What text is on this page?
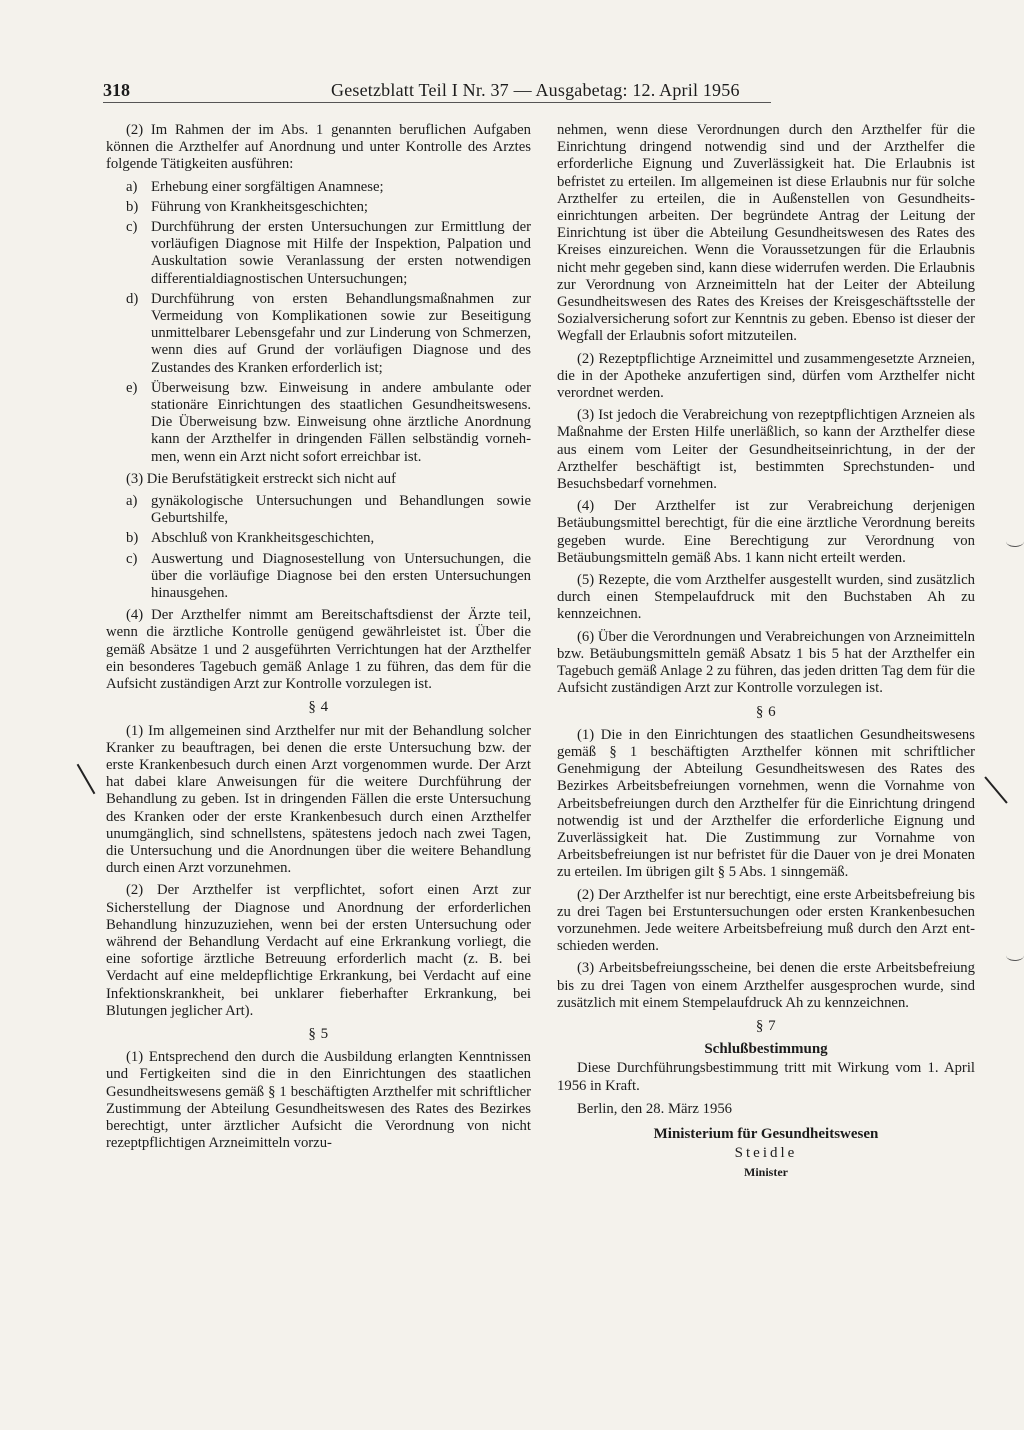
318	Gesetzblatt Teil I Nr. 37 — Ausgabetag: 12. April 1956

(2) Im Rahmen der im Abs. 1 genannten beruflichen Aufgaben können die Arzthelfer auf Anordnung und unter Kontrolle des Arztes folgende Tätigkeiten ausführen:

a) Erhebung einer sorgfältigen Anamnese;
b) Führung von Krankheitsgeschichten;
c) Durchführung der ersten Untersuchungen zur Ermittlung der vorläufigen Diagnose mit Hilfe der Inspektion, Palpation und Auskultation sowie Veranlassung der ersten notwendigen differentialdiagnostischen Untersuchungen;
d) Durchführung von ersten Behandlungsmaßnahmen zur Vermeidung von Komplikationen sowie zur Beseitigung unmittelbarer Lebensgefahr und zur Linderung von Schmerzen, wenn dies auf Grund der vorläufigen Diagnose und des Zustandes des Kranken erforderlich ist;
e) Überweisung bzw. Einweisung in andere ambulante oder stationäre Einrichtungen des staatlichen Gesundheitswesens. Die Überweisung bzw. Einweisung ohne ärztliche Anordnung kann der Arzthelfer in dringenden Fällen selbständig vornehmen, wenn ein Arzt nicht sofort erreichbar ist.

(3) Die Berufstätigkeit erstreckt sich nicht auf

a) gynäkologische Untersuchungen und Behandlungen sowie Geburtshilfe,
b) Abschluß von Krankheitsgeschichten,
c) Auswertung und Diagnosestellung von Untersuchungen, die über die vorläufige Diagnose bei den ersten Untersuchungen hinausgehen.

(4) Der Arzthelfer nimmt am Bereitschaftsdienst der Ärzte teil, wenn die ärztliche Kontrolle genügend gewährleistet ist. Über die gemäß Absätze 1 und 2 ausgeführten Verrichtungen hat der Arzthelfer ein besonderes Tagebuch gemäß Anlage 1 zu führen, das dem für die Aufsicht zuständigen Arzt zur Kontrolle vorzulegen ist.

§ 4

(1) Im allgemeinen sind Arzthelfer nur mit der Behandlung solcher Kranker zu beauftragen, bei denen die erste Untersuchung bzw. der erste Krankenbesuch durch einen Arzt vorgenommen wurde. Der Arzt hat dabei klare Anweisungen für die weitere Durchführung der Behandlung zu geben. Ist in dringenden Fällen die erste Untersuchung des Kranken oder der erste Krankenbesuch durch einen Arzthelfer unumgänglich, sind schnellstens, spätestens jedoch nach zwei Tagen, die Untersuchung und die Anordnungen über die weitere Behandlung durch einen Arzt vorzunehmen.

(2) Der Arzthelfer ist verpflichtet, sofort einen Arzt zur Sicherstellung der Diagnose und Anordnung der erforderlichen Behandlung hinzuzuziehen, wenn bei der ersten Untersuchung oder während der Behandlung Verdacht auf eine Erkrankung vorliegt, die eine sofortige ärztliche Betreuung erforderlich macht (z. B. bei Verdacht auf eine meldepflichtige Erkrankung, bei Verdacht auf eine Infektionskrankheit, bei unklarer fieberhafter Erkrankung, bei Blutungen jeglicher Art).

§ 5

(1) Entsprechend den durch die Ausbildung erlangten Kenntnissen und Fertigkeiten sind die in den Einrichtungen des staatlichen Gesundheitswesens gemäß § 1 beschäftigten Arzthelfer mit schriftlicher Zustimmung der Abteilung Gesundheitswesen des Rates des Bezirkes berechtigt, unter ärztlicher Aufsicht die Verordnung von nicht rezeptpflichtigen Arzneimitteln vorzu-

nehmen, wenn diese Verordnungen durch den Arzthelfer für die Einrichtung dringend notwendig sind und der Arzthelfer die erforderliche Eignung und Zuverlässigkeit hat. Die Erlaubnis ist befristet zu erteilen. Im allgemeinen ist diese Erlaubnis nur für solche Arzthelfer zu erteilen, die in Außenstellen von Gesundheitseinrichtungen arbeiten. Der begründete Antrag der Leitung der Einrichtung ist über die Abteilung Gesundheitswesen des Rates des Kreises einzureichen. Wenn die Voraussetzungen für die Erlaubnis nicht mehr gegeben sind, kann diese widerrufen werden. Die Erlaubnis zur Verordnung von Arzneimitteln hat der Leiter der Abteilung Gesundheitswesen des Rates des Kreises der Kreisgeschäftsstelle der Sozialversicherung sofort zur Kenntnis zu geben. Ebenso ist dieser der Wegfall der Erlaubnis sofort mitzuteilen.

(2) Rezeptpflichtige Arzneimittel und zusammengesetzte Arzneien, die in der Apotheke anzufertigen sind, dürfen vom Arzthelfer nicht verordnet werden.

(3) Ist jedoch die Verabreichung von rezeptpflichtigen Arzneien als Maßnahme der Ersten Hilfe unerläßlich, so kann der Arzthelfer diese aus einem vom Leiter der Gesundheitseinrichtung, in der der Arzthelfer beschäftigt ist, bestimmten Sprechstunden- und Besuchsbedarf vornehmen.

(4) Der Arzthelfer ist zur Verabreichung derjenigen Betäubungsmittel berechtigt, für die eine ärztliche Verordnung bereits gegeben wurde. Eine Berechtigung zur Verordnung von Betäubungsmitteln gemäß Abs. 1 kann nicht erteilt werden.

(5) Rezepte, die vom Arzthelfer ausgestellt wurden, sind zusätzlich durch einen Stempelaufdruck mit den Buchstaben Ah zu kennzeichnen.

(6) Über die Verordnungen und Verabreichungen von Arzneimitteln bzw. Betäubungsmitteln gemäß Absatz 1 bis 5 hat der Arzthelfer ein Tagebuch gemäß Anlage 2 zu führen, das jeden dritten Tag dem für die Aufsicht zuständigen Arzt zur Kontrolle vorzulegen ist.

§ 6

(1) Die in den Einrichtungen des staatlichen Gesundheitswesens gemäß § 1 beschäftigten Arzthelfer können mit schriftlicher Genehmigung der Abteilung Gesundheitswesen des Rates des Bezirkes Arbeitsbefreiungen vornehmen, wenn die Vornahme von Arbeitsbefreiungen durch den Arzthelfer für die Einrichtung dringend notwendig ist und der Arzthelfer die erforderliche Eignung und Zuverlässigkeit hat. Die Zustimmung zur Vornahme von Arbeitsbefreiungen ist nur befristet für die Dauer von je drei Monaten zu erteilen. Im übrigen gilt § 5 Abs. 1 sinngemäß.

(2) Der Arzthelfer ist nur berechtigt, eine erste Arbeitsbefreiung bis zu drei Tagen bei Erstuntersuchungen oder ersten Krankenbesuchen vorzunehmen. Jede weitere Arbeitsbefreiung muß durch den Arzt entschieden werden.

(3) Arbeitsbefreiungsscheine, bei denen die erste Arbeitsbefreiung bis zu drei Tagen von einem Arzthelfer ausgesprochen wurde, sind zusätzlich mit einem Stempelaufdruck Ah zu kennzeichnen.

§ 7
Schlußbestimmung

Diese Durchführungsbestimmung tritt mit Wirkung vom 1. April 1956 in Kraft.

Berlin, den 28. März 1956
Ministerium für Gesundheitswesen
Steidle
Minister
